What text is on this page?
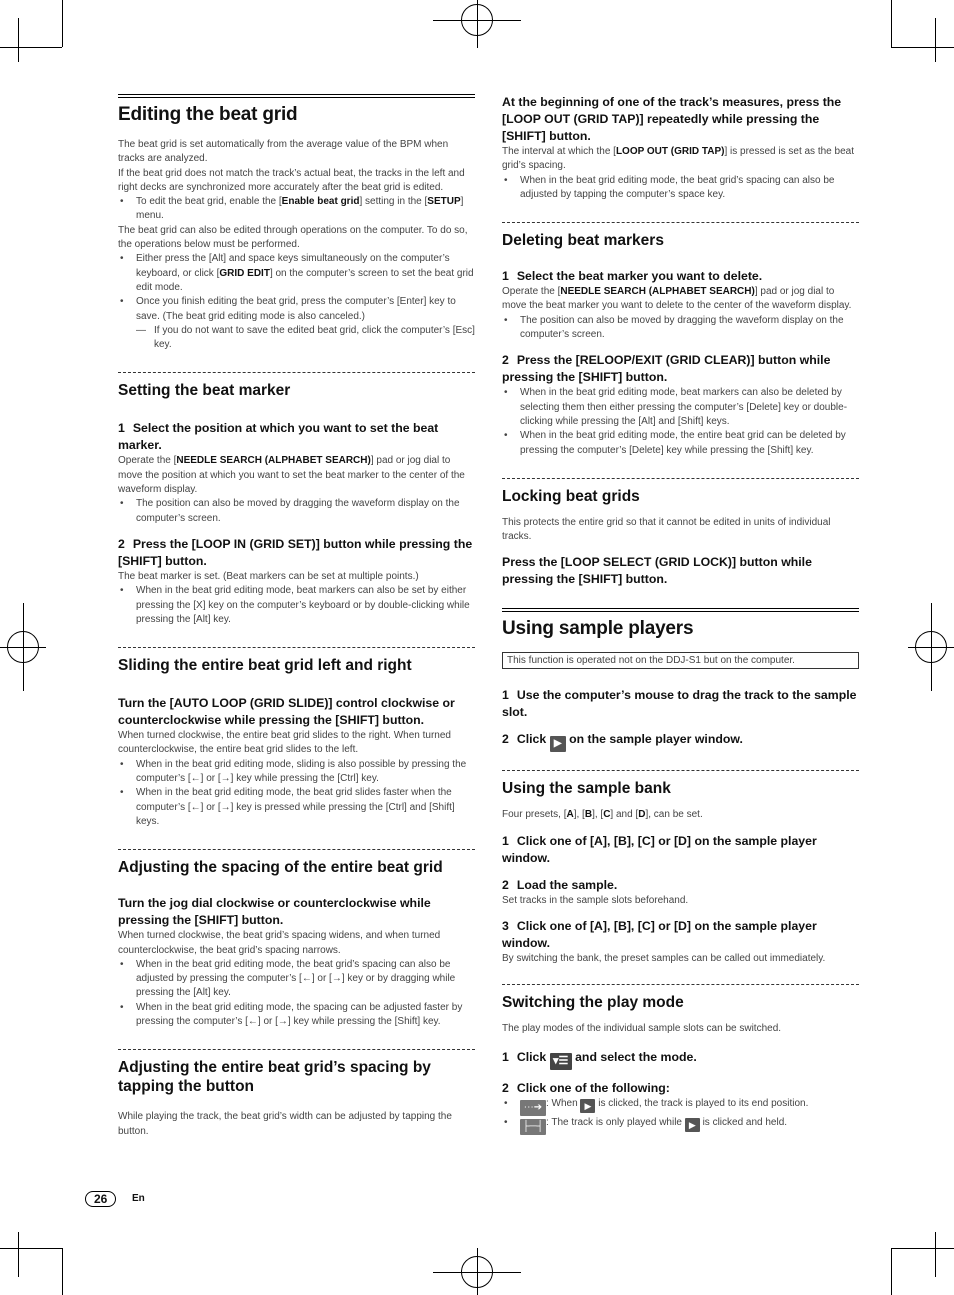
Editing the beat grid

The beat grid is set automatically from the average value of the BPM when tracks are analyzed.

If the beat grid does not match the track’s actual beat, the tracks in the left and right decks are synchronized more accurately after the beat grid is edited.

• To edit the beat grid, enable the [Enable beat grid] setting in the [SETUP] menu.

The beat grid can also be edited through operations on the computer. To do so, the operations below must be performed.

• Either press the [Alt] and space keys simultaneously on the computer’s keyboard, or click [GRID EDIT] on the computer’s screen to set the beat grid edit mode.
• Once you finish editing the beat grid, press the computer’s [Enter] key to save. (The beat grid editing mode is also canceled.)
— If you do not want to save the edited beat grid, click the computer’s [Esc] key.
Setting the beat marker
1 Select the position at which you want to set the beat marker.

Operate the [NEEDLE SEARCH (ALPHABET SEARCH)] pad or jog dial to move the position at which you want to set the beat marker to the center of the waveform display.

• The position can also be moved by dragging the waveform display on the computer’s screen.
2 Press the [LOOP IN (GRID SET)] button while pressing the [SHIFT] button.

The beat marker is set. (Beat markers can be set at multiple points.)

• When in the beat grid editing mode, beat markers can also be set by either pressing the [X] key on the computer’s keyboard or by double-clicking while pressing the [Alt] key.
Sliding the entire beat grid left and right
Turn the [AUTO LOOP (GRID SLIDE)] control clockwise or counterclockwise while pressing the [SHIFT] button.

When turned clockwise, the entire beat grid slides to the right. When turned counterclockwise, the entire beat grid slides to the left.

• When in the beat grid editing mode, sliding is also possible by pressing the computer’s [←] or [→] key while pressing the [Ctrl] key.
• When in the beat grid editing mode, the beat grid slides faster when the computer’s [←] or [→] key is pressed while pressing the [Ctrl] and [Shift] keys.
Adjusting the spacing of the entire beat grid
Turn the jog dial clockwise or counterclockwise while pressing the [SHIFT] button.

When turned clockwise, the beat grid’s spacing widens, and when turned counterclockwise, the beat grid’s spacing narrows.

• When in the beat grid editing mode, the beat grid’s spacing can also be adjusted by pressing the computer’s [←] or [→] key or by dragging while pressing the [Alt] key.
• When in the beat grid editing mode, the spacing can be adjusted faster by pressing the computer’s [←] or [→] key while pressing the [Shift] key.
Adjusting the entire beat grid’s spacing by tapping the button

While playing the track, the beat grid’s width can be adjusted by tapping the button.

At the beginning of one of the track’s measures, press the [LOOP OUT (GRID TAP)] repeatedly while pressing the [SHIFT] button.

The interval at which the [LOOP OUT (GRID TAP)] is pressed is set as the beat grid’s spacing.

• When in the beat grid editing mode, the beat grid’s spacing can also be adjusted by tapping the computer’s space key.
Deleting beat markers
1 Select the beat marker you want to delete.

Operate the [NEEDLE SEARCH (ALPHABET SEARCH)] pad or jog dial to move the beat marker you want to delete to the center of the waveform display.

• The position can also be moved by dragging the waveform display on the computer’s screen.
2 Press the [RELOOP/EXIT (GRID CLEAR)] button while pressing the [SHIFT] button.
• When in the beat grid editing mode, beat markers can also be deleted by selecting them then either pressing the computer’s [Delete] key or double-clicking while pressing the [Alt] and [Shift] keys.
• When in the beat grid editing mode, the entire beat grid can be deleted by pressing the computer’s [Delete] key while pressing the [Shift] key.
Locking beat grids

This protects the entire grid so that it cannot be edited in units of individual tracks.

Press the [LOOP SELECT (GRID LOCK)] button while pressing the [SHIFT] button.
Using sample players
This function is operated not on the DDJ-S1 but on the computer.
1 Use the computer’s mouse to drag the track to the sample slot.
2 Click ▶ on the sample player window.
Using the sample bank

Four presets, [A], [B], [C] and [D], can be set.

1 Click one of [A], [B], [C] or [D] on the sample player window.
2 Load the sample.

Set tracks in the sample slots beforehand.

3 Click one of [A], [B], [C] or [D] on the sample player window.

By switching the bank, the preset samples can be called out immediately.

Switching the play mode

The play modes of the individual sample slots can be switched.

1 Click ▾☰ and select the mode.
2 Click one of the following:
• ⋯➔ : When ▶ is clicked, the track is played to its end position.
• ├─┤ : The track is only played while ▶ is clicked and held.
26 En
